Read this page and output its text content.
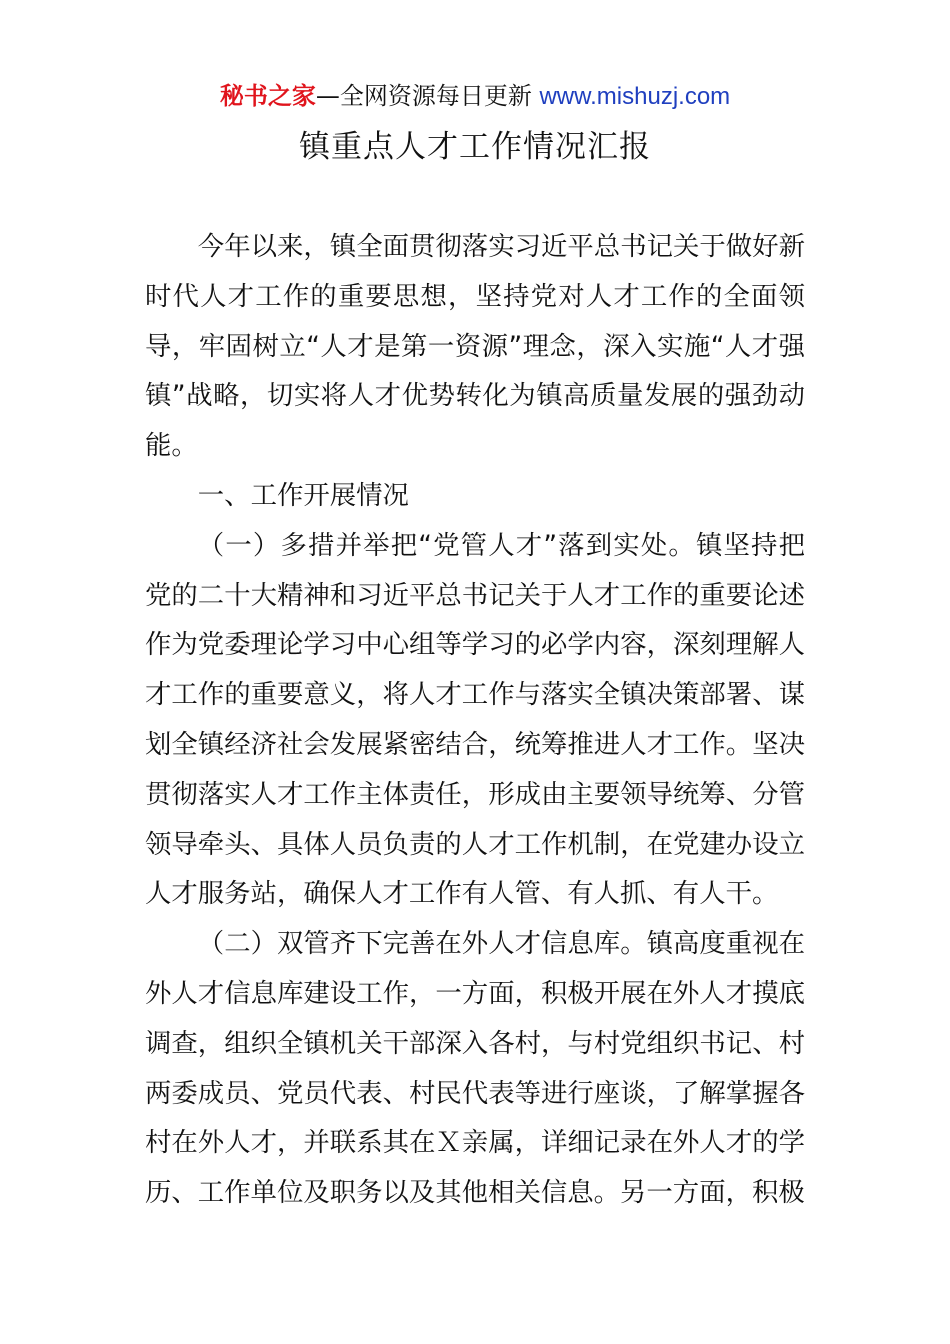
秘书之家—全网资源每日更新 www.mishuzj.com
镇重点人才工作情况汇报

今年以来，镇全面贯彻落实习近平总书记关于做好新时代人才工作的重要思想，坚持党对人才工作的全面领导，牢固树立“人才是第一资源”理念，深入实施“人才强镇”战略，切实将人才优势转化为镇高质量发展的强劲动能。

一、工作开展情况

（一）多措并举把“党管人才”落到实处。镇坚持把党的二十大精神和习近平总书记关于人才工作的重要论述作为党委理论学习中心组等学习的必学内容，深刻理解人才工作的重要意义，将人才工作与落实全镇决策部署、谋划全镇经济社会发展紧密结合，统筹推进人才工作。坚决贯彻落实人才工作主体责任，形成由主要领导统筹、分管领导牵头、具体人员负责的人才工作机制，在党建办设立人才服务站，确保人才工作有人管、有人抓、有人干。

（二）双管齐下完善在外人才信息库。镇高度重视在外人才信息库建设工作，一方面，积极开展在外人才摸底调查，组织全镇机关干部深入各村，与村党组织书记、村两委成员、党员代表、村民代表等进行座谈，了解掌握各村在外人才，并联系其在Ｘ亲属，详细记录在外人才的学历、工作单位及职务以及其他相关信息。另一方面，积极
